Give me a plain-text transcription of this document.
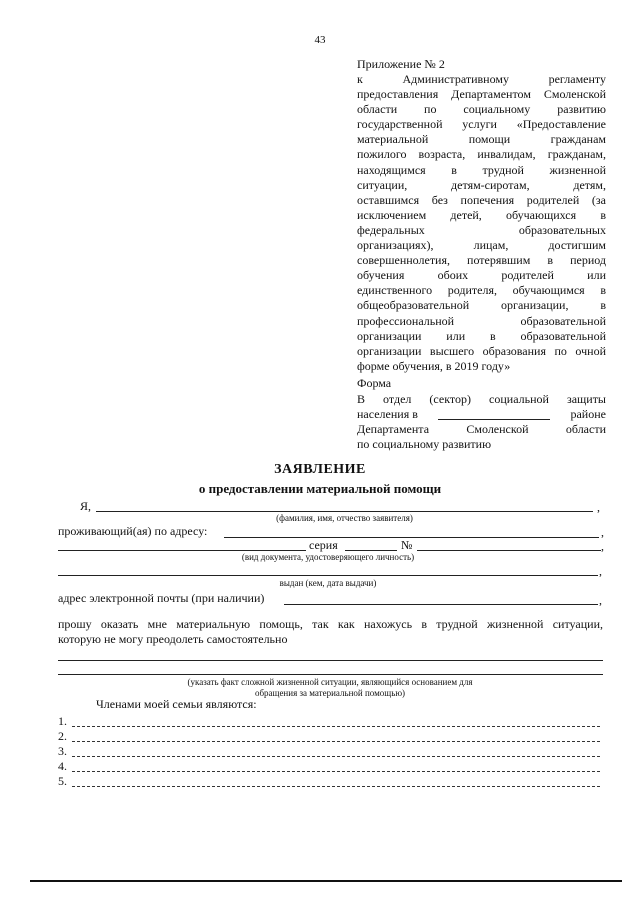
43
Приложение № 2
к Административному регламенту
предоставления Департаментом Смоленской
области по социальному развитию
государственной услуги «Предоставление
материальной помощи гражданам
пожилого возраста, инвалидам, гражданам,
находящимся в трудной жизненной
ситуации, детям-сиротам, детям,
оставшимся без попечения родителей (за
исключением детей, обучающихся в
федеральных образовательных
организациях), лицам, достигшим
совершеннолетия, потерявшим в период
обучения обоих родителей или
единственного родителя, обучающимся в
общеобразовательной организации, в
профессиональной образовательной
организации или в образовательной
организации высшего образования по очной
форме обучения, в 2019 году»
Форма
В отдел (сектор) социальной защиты
населения в	районе
Департамента Смоленской области
по социальному развитию
ЗАЯВЛЕНИЕ
о предоставлении материальной помощи
Я,	,
(фамилия, имя, отчество заявителя)
проживающий(ая) по адресу:	,
серия	№	,
(вид документа, удостоверяющего личность)
,
выдан (кем, дата выдачи)
адрес электронной почты (при наличии)	,
прошу оказать мне материальную помощь, так как нахожусь в трудной жизненной ситуации,
которую не могу преодолеть самостоятельно
(указать факт сложной жизненной ситуации, являющийся основанием для
обращения за материальной помощью)
Членами моей семьи являются:
1.
2.
3.
4.
5.
